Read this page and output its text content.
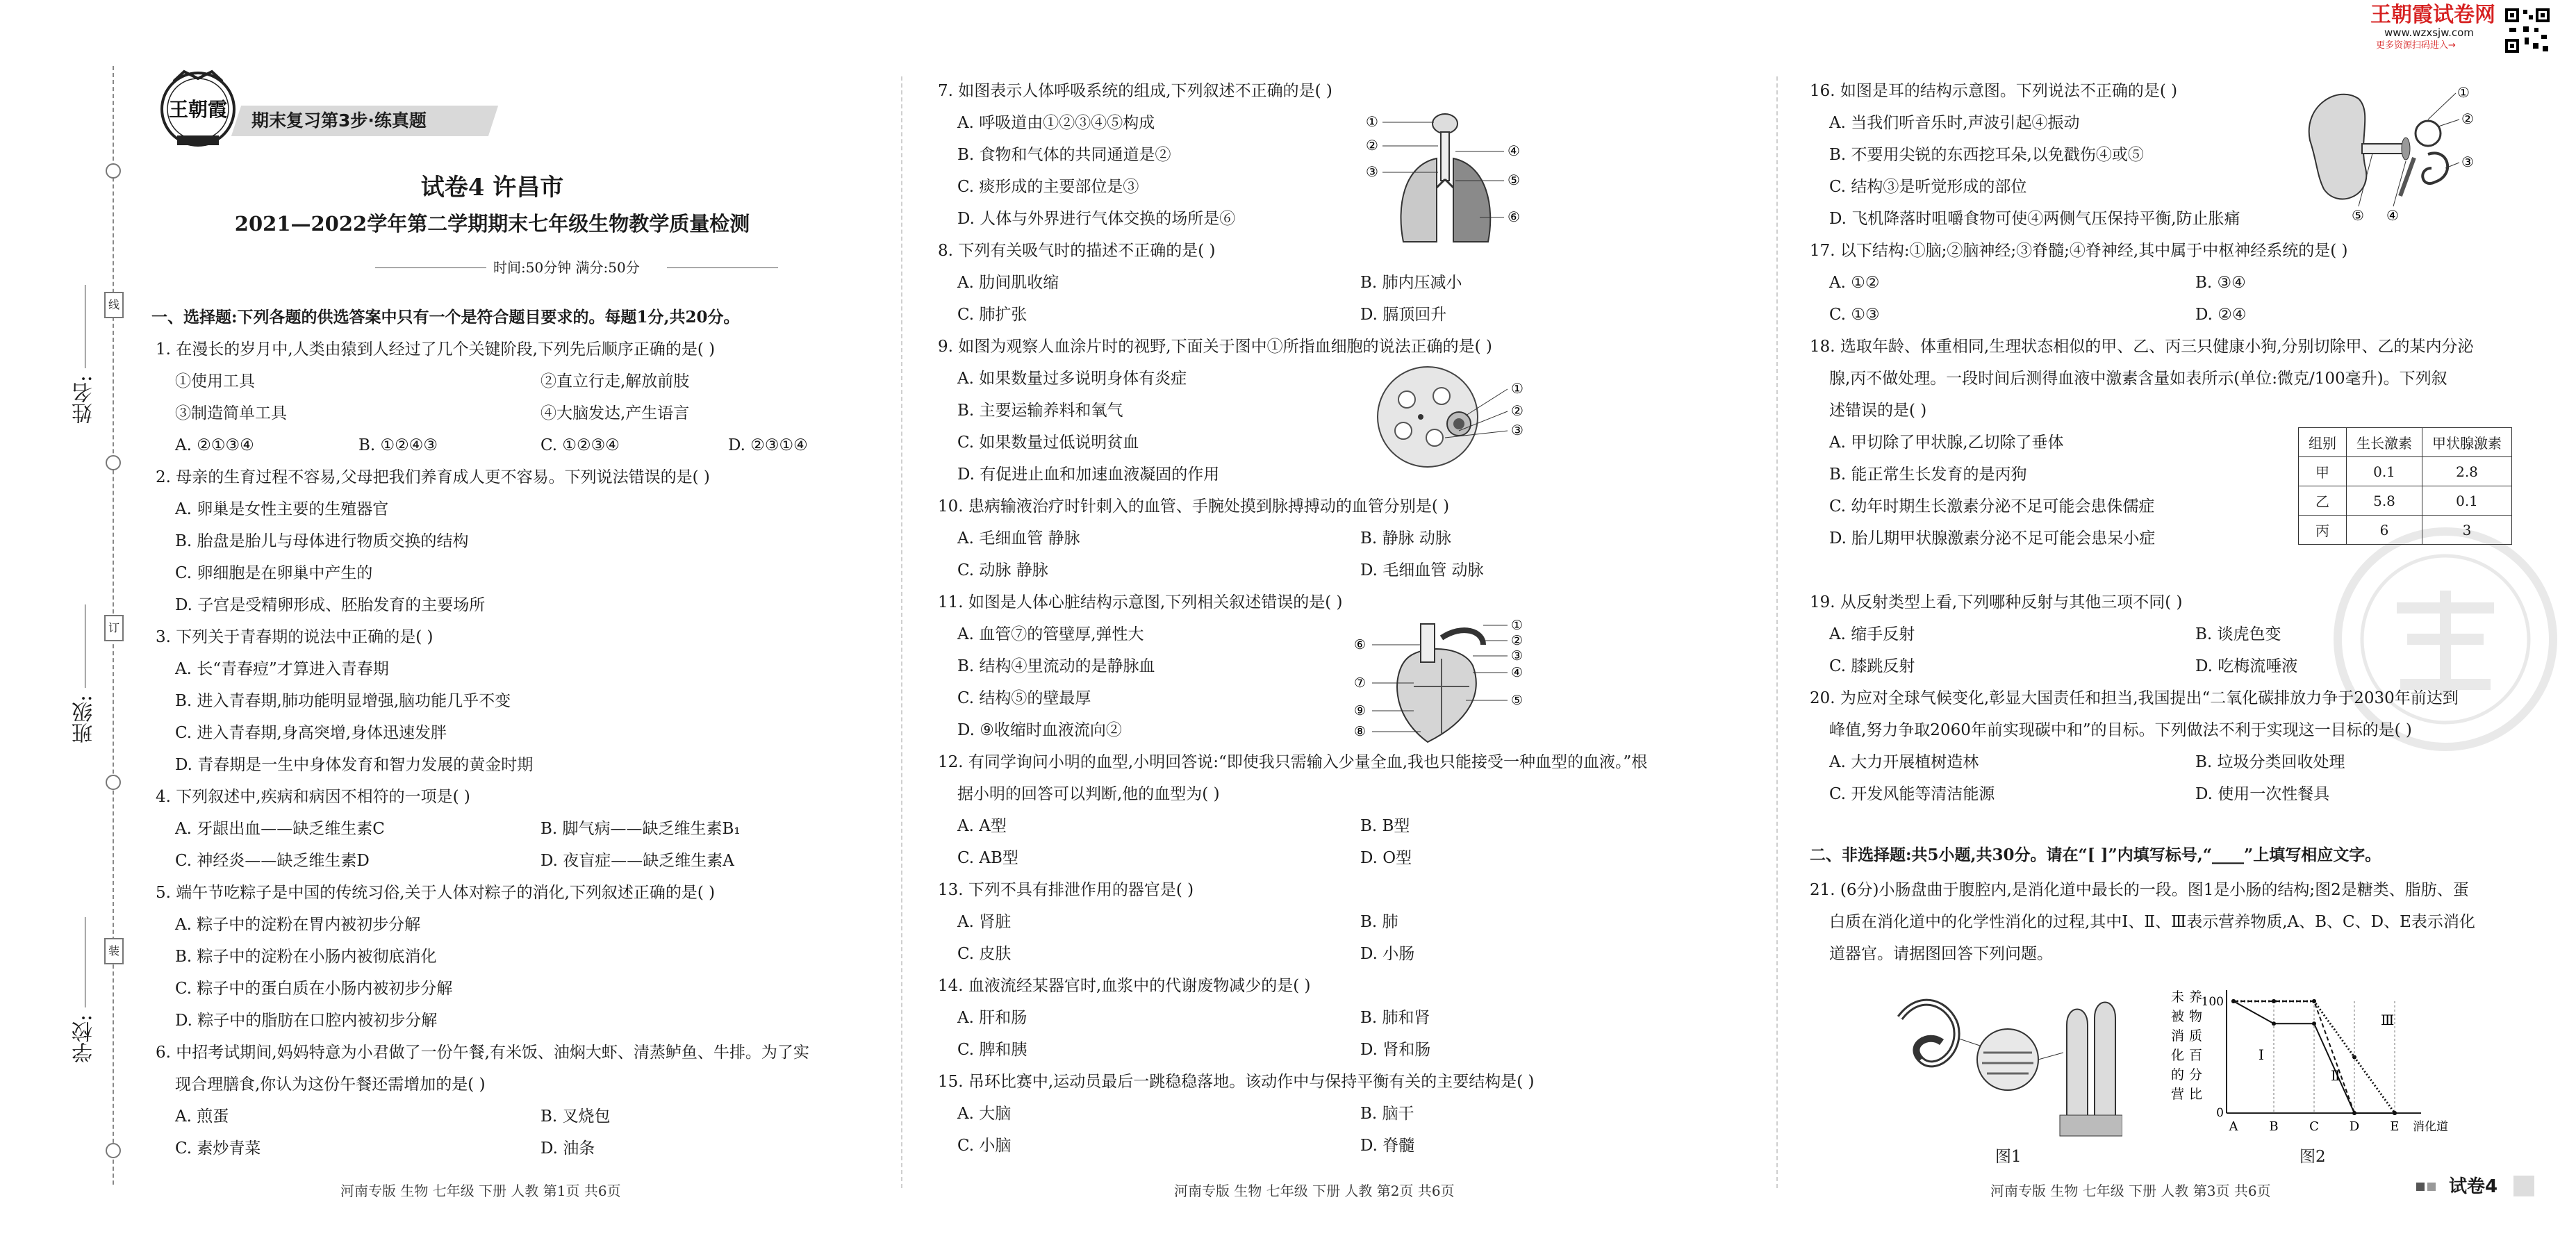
线
订
装
姓名:
班级:
学校:
王朝霞 期末复习第3步·练真题
试卷4 许昌市
2021—2022学年第二学期期末七年级生物教学质量检测
时间:50分钟 满分:50分
王朝霞试卷网
www.wzxsjw.com
更多资源扫码进入→
一、选择题:下列各题的供选答案中只有一个是符合题目要求的。每题1分,共20分。
1. 在漫长的岁月中,人类由猿到人经过了几个关键阶段,下列先后顺序正确的是( )
①使用工具	②直立行走,解放前肢
③制造简单工具	④大脑发达,产生语言
A. ②①③④	B. ①②④③	C. ①②③④	D. ②③①④
2. 母亲的生育过程不容易,父母把我们养育成人更不容易。下列说法错误的是( )
A. 卵巢是女性主要的生殖器官
B. 胎盘是胎儿与母体进行物质交换的结构
C. 卵细胞是在卵巢中产生的
D. 子宫是受精卵形成、胚胎发育的主要场所
3. 下列关于青春期的说法中正确的是( )
A. 长“青春痘”才算进入青春期
B. 进入青春期,肺功能明显增强,脑功能几乎不变
C. 进入青春期,身高突增,身体迅速发胖
D. 青春期是一生中身体发育和智力发展的黄金时期
4. 下列叙述中,疾病和病因不相符的一项是( )
A. 牙龈出血——缺乏维生素C	B. 脚气病——缺乏维生素B₁
C. 神经炎——缺乏维生素D	D. 夜盲症——缺乏维生素A
5. 端午节吃粽子是中国的传统习俗,关于人体对粽子的消化,下列叙述正确的是( )
A. 粽子中的淀粉在胃内被初步分解
B. 粽子中的淀粉在小肠内被彻底消化
C. 粽子中的蛋白质在小肠内被初步分解
D. 粽子中的脂肪在口腔内被初步分解
6. 中招考试期间,妈妈特意为小君做了一份午餐,有米饭、油焖大虾、清蒸鲈鱼、牛排。为了实
现合理膳食,你认为这份午餐还需增加的是( )
A. 煎蛋	B. 叉烧包
C. 素炒青菜	D. 油条
河南专版 生物 七年级 下册 人教 第1页 共6页
7. 如图表示人体呼吸系统的组成,下列叙述不正确的是( )
A. 呼吸道由①②③④⑤构成
B. 食物和气体的共同通道是②
C. 痰形成的主要部位是③
D. 人体与外界进行气体交换的场所是⑥
①
②
③
④
⑤
⑥
8. 下列有关吸气时的描述不正确的是( )
A. 肋间肌收缩	B. 肺内压减小
C. 肺扩张	D. 膈顶回升
9. 如图为观察人血涂片时的视野,下面关于图中①所指血细胞的说法正确的是( )
A. 如果数量过多说明身体有炎症
B. 主要运输养料和氧气
C. 如果数量过低说明贫血
D. 有促进止血和加速血液凝固的作用
①
②
③
10. 患病输液治疗时针刺入的血管、手腕处摸到脉搏搏动的血管分别是( )
A. 毛细血管 静脉	B. 静脉 动脉
C. 动脉 静脉	D. 毛细血管 动脉
11. 如图是人体心脏结构示意图,下列相关叙述错误的是( )
A. 血管⑦的管壁厚,弹性大
B. 结构④里流动的是静脉血
C. 结构⑤的壁最厚
D. ⑨收缩时血液流向②
①
②
③
④
⑤
⑥
⑦
⑨
⑧
12. 有同学询问小明的血型,小明回答说:“即使我只需输入少量全血,我也只能接受一种血型的血液。”根
据小明的回答可以判断,他的血型为( )
A. A型	B. B型
C. AB型	D. O型
13. 下列不具有排泄作用的器官是( )
A. 肾脏	B. 肺
C. 皮肤	D. 小肠
14. 血液流经某器官时,血浆中的代谢废物减少的是( )
A. 肝和肠	B. 肺和肾
C. 脾和胰	D. 肾和肠
15. 吊环比赛中,运动员最后一跳稳稳落地。该动作中与保持平衡有关的主要结构是( )
A. 大脑	B. 脑干
C. 小脑	D. 脊髓
河南专版 生物 七年级 下册 人教 第2页 共6页
16. 如图是耳的结构示意图。下列说法不正确的是( )
A. 当我们听音乐时,声波引起④振动
B. 不要用尖锐的东西挖耳朵,以免戳伤④或⑤
C. 结构③是听觉形成的部位
D. 飞机降落时咀嚼食物可使④两侧气压保持平衡,防止胀痛
①
②
③
④
⑤
17. 以下结构:①脑;②脑神经;③脊髓;④脊神经,其中属于中枢神经系统的是( )
A. ①②	B. ③④
C. ①③	D. ②④
18. 选取年龄、体重相同,生理状态相似的甲、乙、丙三只健康小狗,分别切除甲、乙的某内分泌
腺,丙不做处理。一段时间后测得血液中激素含量如表所示(单位:微克/100毫升)。下列叙
述错误的是( )
A. 甲切除了甲状腺,乙切除了垂体
B. 能正常生长发育的是丙狗
C. 幼年时期生长激素分泌不足可能会患侏儒症
D. 胎儿期甲状腺激素分泌不足可能会患呆小症
组别	生长激素	甲状腺激素
甲	0.1	2.8
乙	5.8	0.1
丙	6	3
19. 从反射类型上看,下列哪种反射与其他三项不同( )
A. 缩手反射	B. 谈虎色变
C. 膝跳反射	D. 吃梅流唾液
20. 为应对全球气候变化,彰显大国责任和担当,我国提出“二氧化碳排放力争于2030年前达到
峰值,努力争取2060年前实现碳中和”的目标。下列做法不利于实现这一目标的是( )
A. 大力开展植树造林	B. 垃圾分类回收处理
C. 开发风能等清洁能源	D. 使用一次性餐具
二、非选择题:共5小题,共30分。请在“[ ]”内填写标号,“____”上填写相应文字。
21. (6分)小肠盘曲于腹腔内,是消化道中最长的一段。图1是小肠的结构;图2是糖类、脂肪、蛋
白质在消化道中的化学性消化的过程,其中Ⅰ、Ⅱ、Ⅲ表示营养物质,A、B、C、D、E表示消化
道器官。请据图回答下列问题。
图1
未被消化的营养物质百分比
100
0
A B C D E 消化道
Ⅰ
Ⅱ
Ⅲ
图2
河南专版 生物 七年级 下册 人教 第3页 共6页	试卷4
